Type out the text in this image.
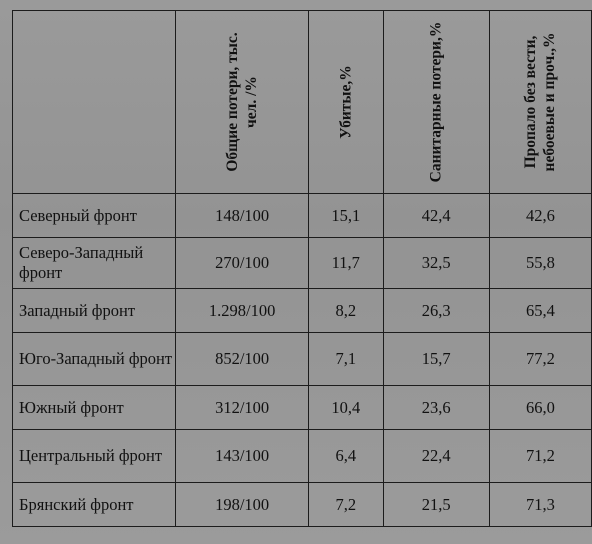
	Общие потери, тыс. чел. /%	Убитые,%	Санитарные потери,%	Пропало без вести, небоевые и проч.,%

Северный фронт	148/100	15,1	42,4	42,6
Северо-Западный фронт	270/100	11,7	32,5	55,8
Западный фронт	1.298/100	8,2	26,3	65,4
Юго-Западный фронт	852/100	7,1	15,7	77,2
Южный фронт	312/100	10,4	23,6	66,0
Центральный фронт	143/100	6,4	22,4	71,2
Брянский фронт	198/100	7,2	21,5	71,3
